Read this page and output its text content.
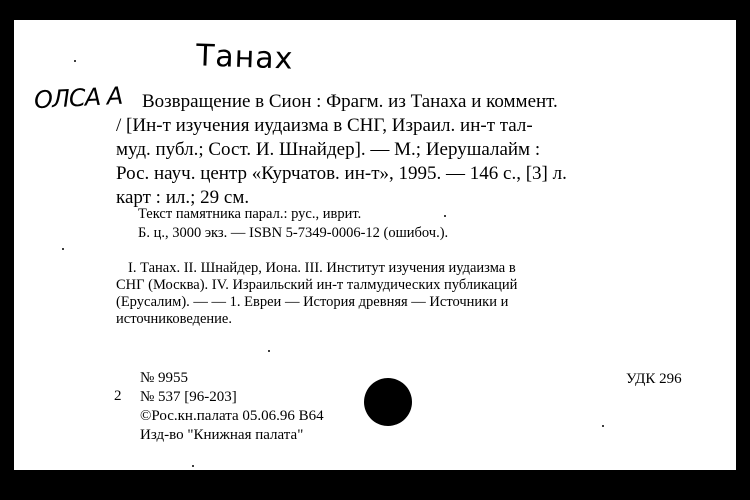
Танах
ОЛСА А	Возвращение в Сион : Фрагм. из Танаха и коммент.
/ [Ин-т изучения иудаизма в СНГ, Израил. ин-т тал-
муд. публ.; Сост. И. Шнайдер]. — М.; Иерушалайм :
Рос. науч. центр «Курчатов. ин-т», 1995. — 146 с., [3] л.
карт : ил.; 29 см.
Текст памятника парал.: рус., иврит.
Б. ц., 3000 экз. — ISBN 5-7349-0006-12 (ошибоч.).
I. Танах. II. Шнайдер, Иона. III. Институт изучения иудаизма в
СНГ (Москва). IV. Израильский ин-т талмудических публикаций
(Ерусалим). — — 1. Евреи — История древняя — Источники и
источниковедение.
2
№ 9955
№ 537 [96-203]
©Рос.кн.палата 05.06.96 В64
Изд-во "Книжная палата"
УДК 296
